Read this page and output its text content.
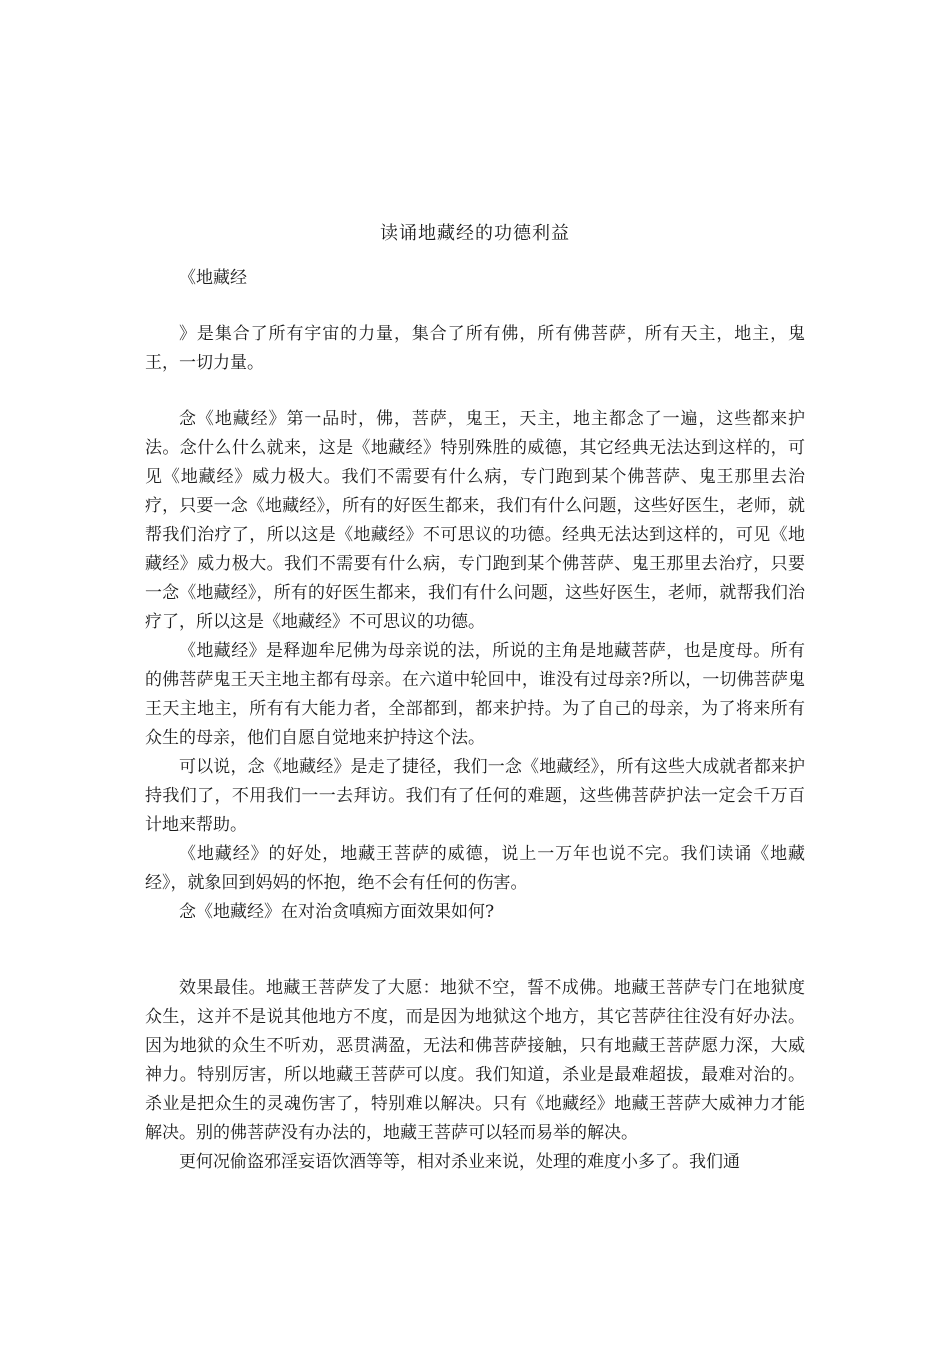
读诵地藏经的功德利益

《地藏经

》是集合了所有宇宙的力量，集合了所有佛，所有佛菩萨，所有天主，地主，鬼王，一切力量。

念《地藏经》第一品时，佛，菩萨，鬼王，天主，地主都念了一遍，这些都来护法。念什么什么就来，这是《地藏经》特别殊胜的威德，其它经典无法达到这样的，可见《地藏经》威力极大。我们不需要有什么病，专门跑到某个佛菩萨、鬼王那里去治疗，只要一念《地藏经》，所有的好医生都来，我们有什么问题，这些好医生，老师，就帮我们治疗了，所以这是《地藏经》不可思议的功德。经典无法达到这样的，可见《地藏经》威力极大。我们不需要有什么病，专门跑到某个佛菩萨、鬼王那里去治疗，只要一念《地藏经》，所有的好医生都来，我们有什么问题，这些好医生，老师，就帮我们治疗了，所以这是《地藏经》不可思议的功德。

《地藏经》是释迦牟尼佛为母亲说的法，所说的主角是地藏菩萨，也是度母。所有的佛菩萨鬼王天主地主都有母亲。在六道中轮回中，谁没有过母亲?所以，一切佛菩萨鬼王天主地主，所有有大能力者，全部都到，都来护持。为了自己的母亲，为了将来所有众生的母亲，他们自愿自觉地来护持这个法。

可以说，念《地藏经》是走了捷径，我们一念《地藏经》，所有这些大成就者都来护持我们了，不用我们一一去拜访。我们有了任何的难题，这些佛菩萨护法一定会千万百计地来帮助。

《地藏经》的好处，地藏王菩萨的威德，说上一万年也说不完。我们读诵《地藏经》，就象回到妈妈的怀抱，绝不会有任何的伤害。

念《地藏经》在对治贪嗔痴方面效果如何?

效果最佳。地藏王菩萨发了大愿：地狱不空，誓不成佛。地藏王菩萨专门在地狱度众生，这并不是说其他地方不度，而是因为地狱这个地方，其它菩萨往往没有好办法。因为地狱的众生不听劝，恶贯满盈，无法和佛菩萨接触，只有地藏王菩萨愿力深，大威神力。特别厉害，所以地藏王菩萨可以度。我们知道，杀业是最难超拔，最难对治的。杀业是把众生的灵魂伤害了，特别难以解决。只有《地藏经》地藏王菩萨大威神力才能解决。别的佛菩萨没有办法的，地藏王菩萨可以轻而易举的解决。

更何况偷盗邪淫妄语饮酒等等，相对杀业来说，处理的难度小多了。我们通
